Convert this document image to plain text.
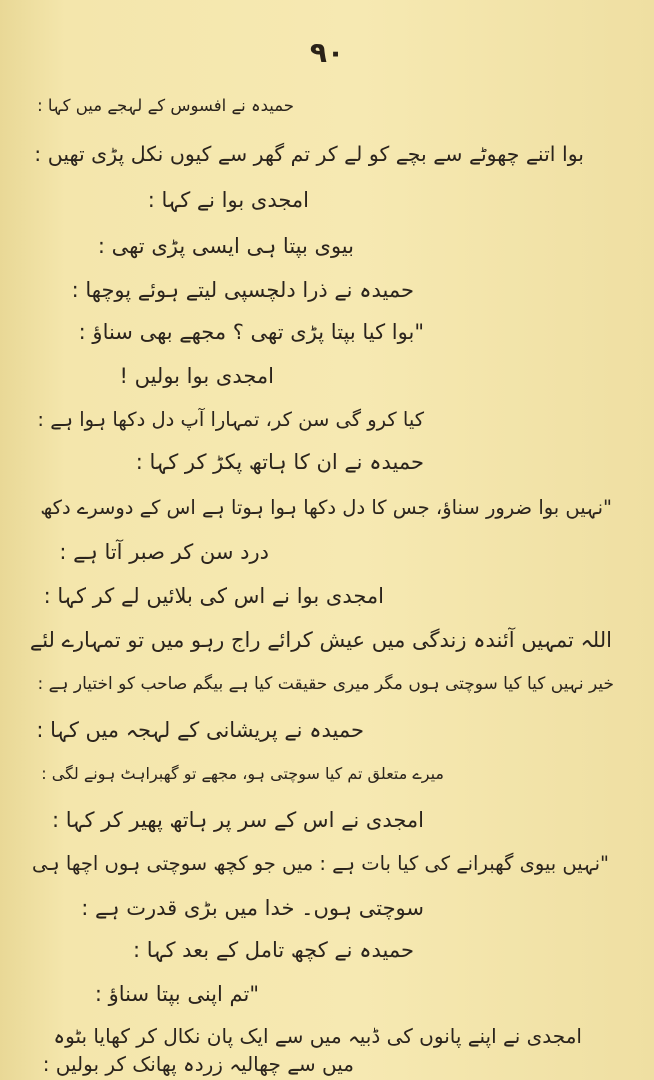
۹۰
حمیدہ نے افسوس کے لہجے میں کہا :
بوا اتنے چھوٹے سے بچے کو لے کر تم گھر سے کیوں نکل پڑی تھیں :
امجدی بوا نے کہا :
بیوی بپتا ہی ایسی پڑی تھی :
حمیدہ نے ذرا دلچسپی لیتے ہوئے پوچھا :
"بوا کیا بپتا پڑی تھی ؟ مجھے بھی سناؤ :
امجدی بوا بولیں !
کیا کرو گی سن کر، تمہارا آپ دل دکھا ہوا ہے :
حمیدہ نے ان کا ہاتھ پکڑ کر کہا :
"نہیں بوا ضرور سناؤ، جس کا دل دکھا ہوا ہوتا ہے اس کے دوسرے دکھ
درد سن کر صبر آتا ہے :
امجدی بوا نے اس کی بلائیں لے کر کہا :
اللہ تمہیں آئندہ زندگی میں عیش کرائے راج رہو میں تو تمہارے لئے
خیر نہیں کیا کیا سوچتی ہوں مگر میری حقیقت کیا ہے بیگم صاحب کو اختیار ہے :
حمیدہ نے پریشانی کے لہجہ میں کہا :
میرے متعلق تم کیا سوچتی ہو، مجھے تو گھبراہٹ ہونے لگی :
امجدی نے اس کے سر پر ہاتھ پھیر کر کہا :
"نہیں بیوی گھبرانے کی کیا بات ہے : میں جو کچھ سوچتی ہوں اچھا ہی
سوچتی ہوں۔ خدا میں بڑی قدرت ہے :
حمیدہ نے کچھ تامل کے بعد کہا :
"تم اپنی بپتا سناؤ :
امجدی نے اپنے پانوں کی ڈبیہ میں سے ایک پان نکال کر کھایا بٹوہ
میں سے چھالیہ زردہ پھانک کر بولیں :
